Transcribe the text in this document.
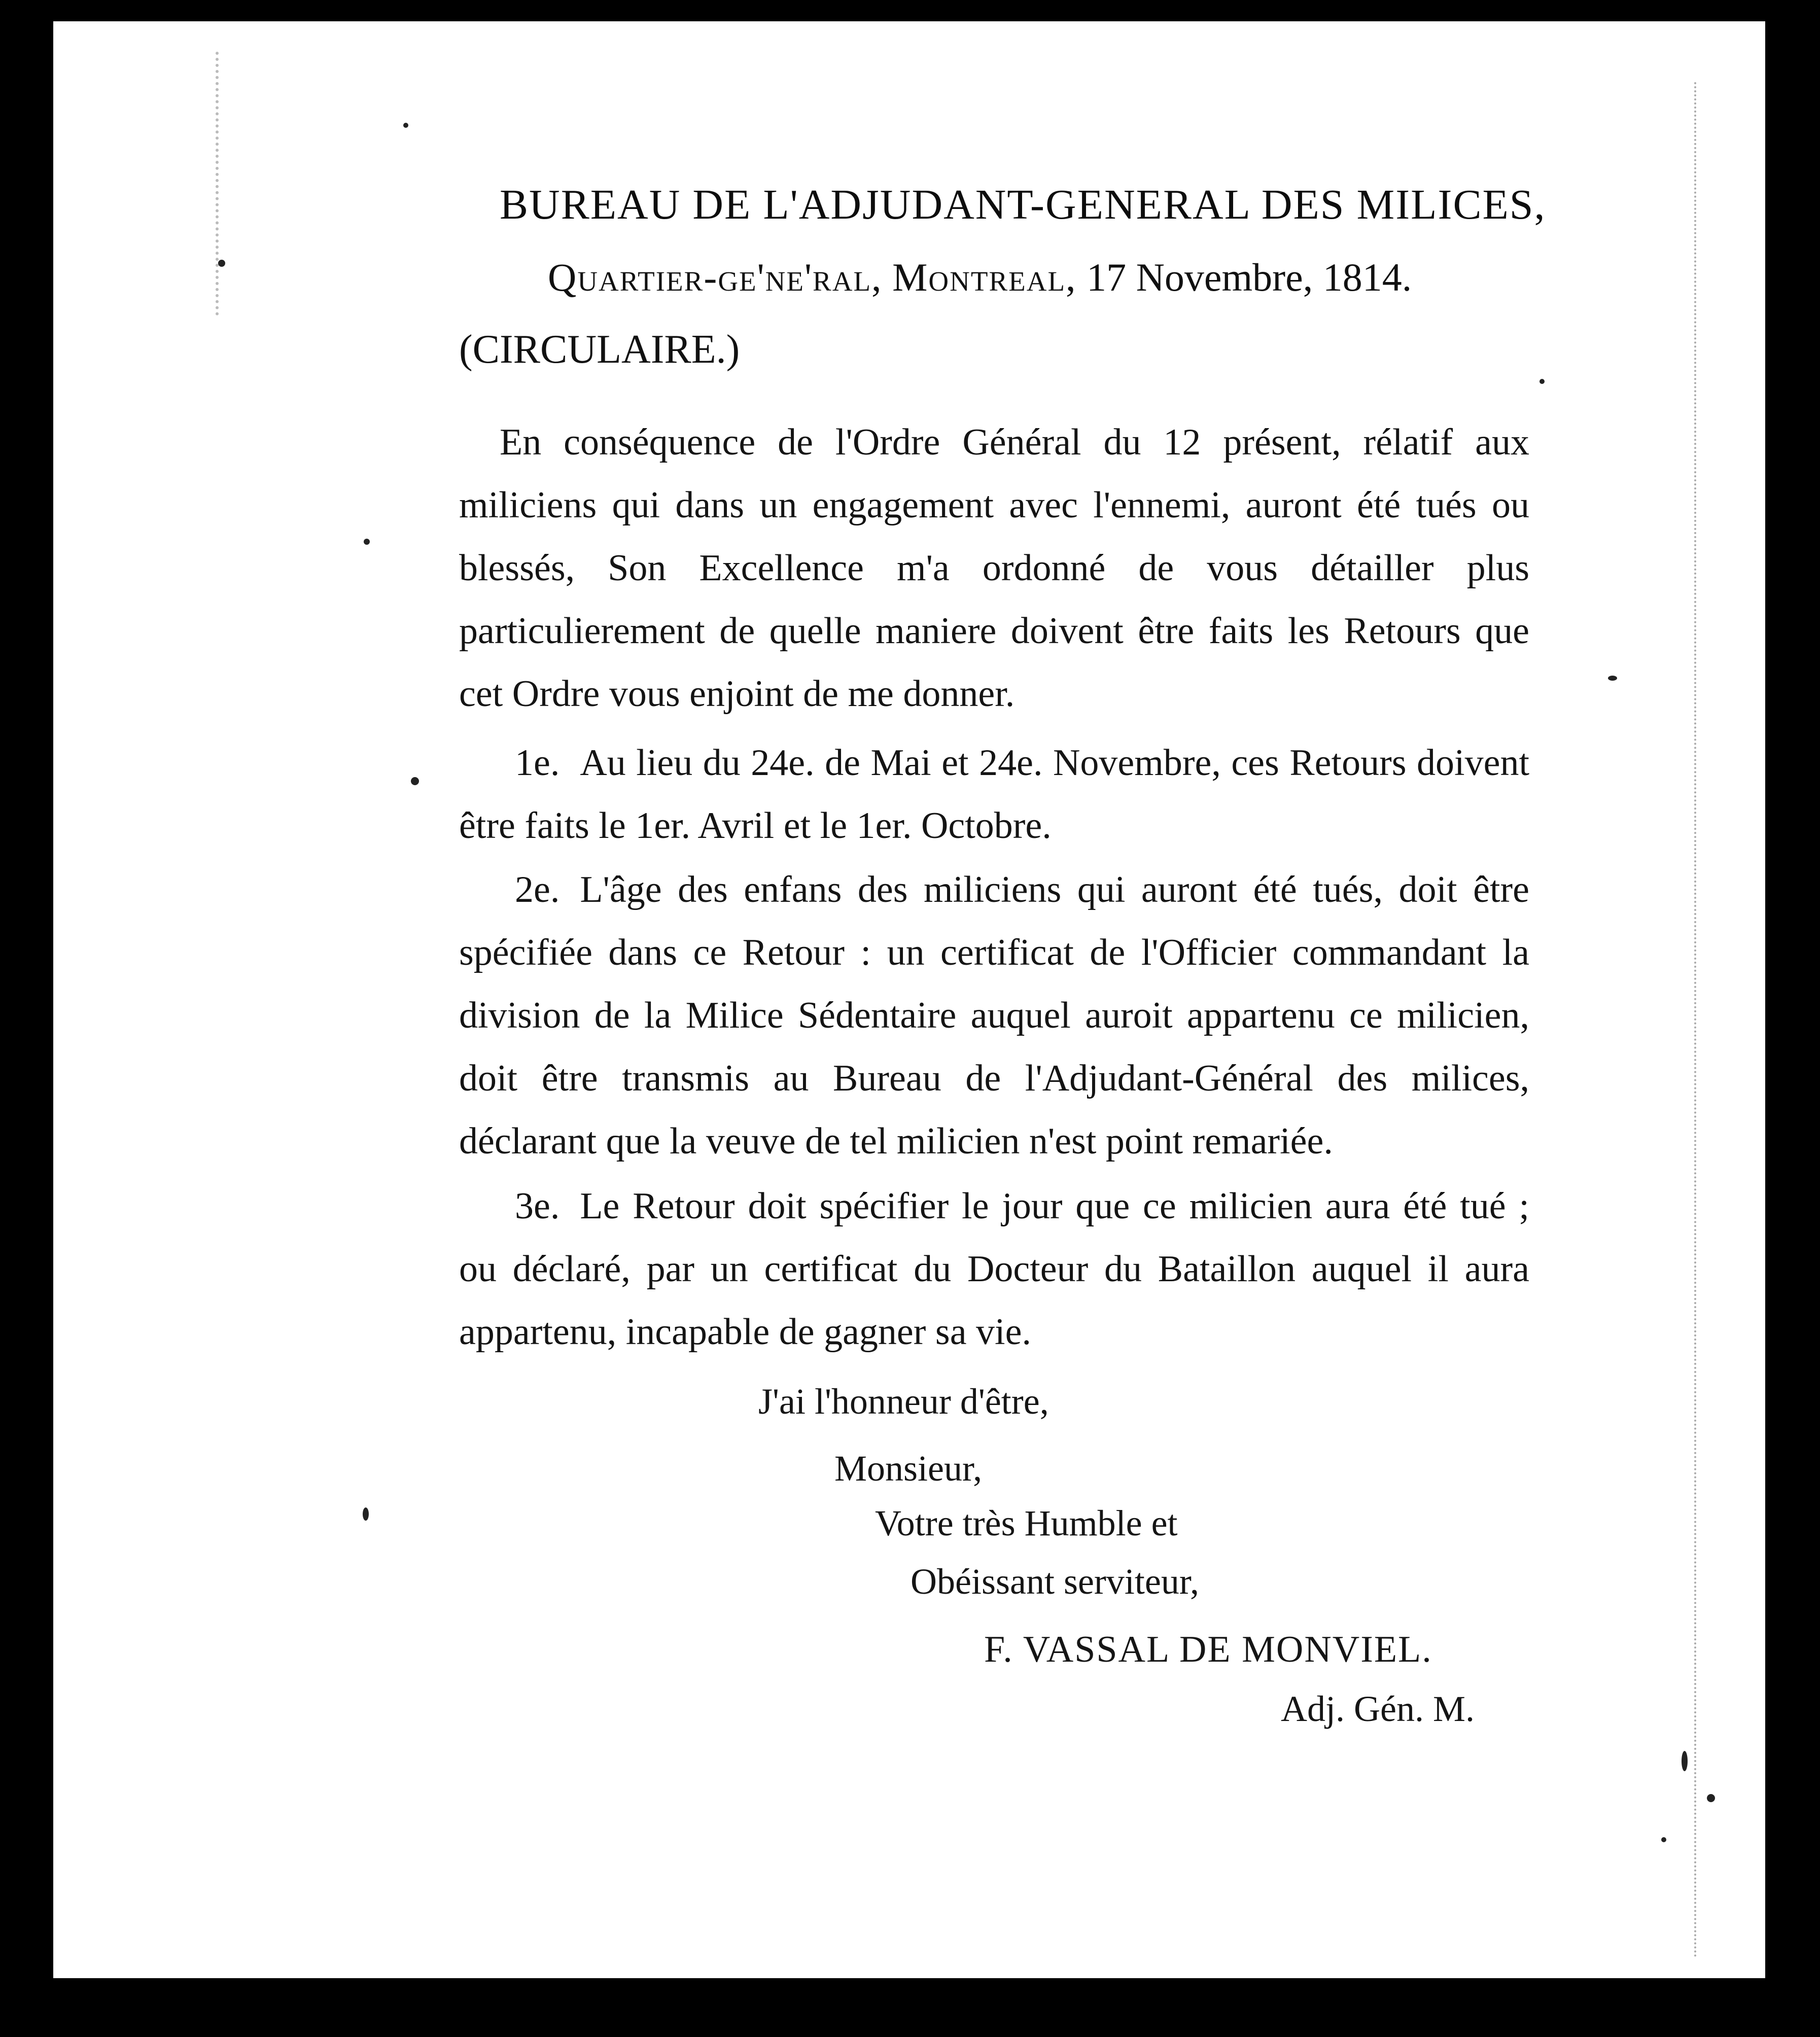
BUREAU DE L'ADJUDANT-GENERAL DES MILICES,
Quartier-ge'ne'ral, Montreal, 17 Novembre, 1814.
(CIRCULAIRE.)
En conséquence de l'Ordre Général du 12 présent, rélatif aux miliciens qui dans un engagement avec l'ennemi, auront été tués ou blessés, Son Excellence m'a ordonné de vous détailler plus particulierement de quelle maniere doivent être faits les Retours que cet Ordre vous enjoint de me donner.
1e. Au lieu du 24e. de Mai et 24e. Novembre, ces Retours doivent être faits le 1er. Avril et le 1er. Octobre.
2e. L'âge des enfans des miliciens qui auront été tués, doit être spécifiée dans ce Retour : un certificat de l'Officier commandant la division de la Milice Sédentaire auquel auroit appartenu ce milicien, doit être transmis au Bureau de l'Adjudant-Général des milices, déclarant que la veuve de tel milicien n'est point remariée.
3e. Le Retour doit spécifier le jour que ce milicien aura été tué ; ou déclaré, par un certificat du Docteur du Bataillon auquel il aura appartenu, incapable de gagner sa vie.
J'ai l'honneur d'être,
Monsieur,
Votre très Humble et
Obéissant serviteur,
F. VASSAL DE MONVIEL.
Adj. Gén. M.
